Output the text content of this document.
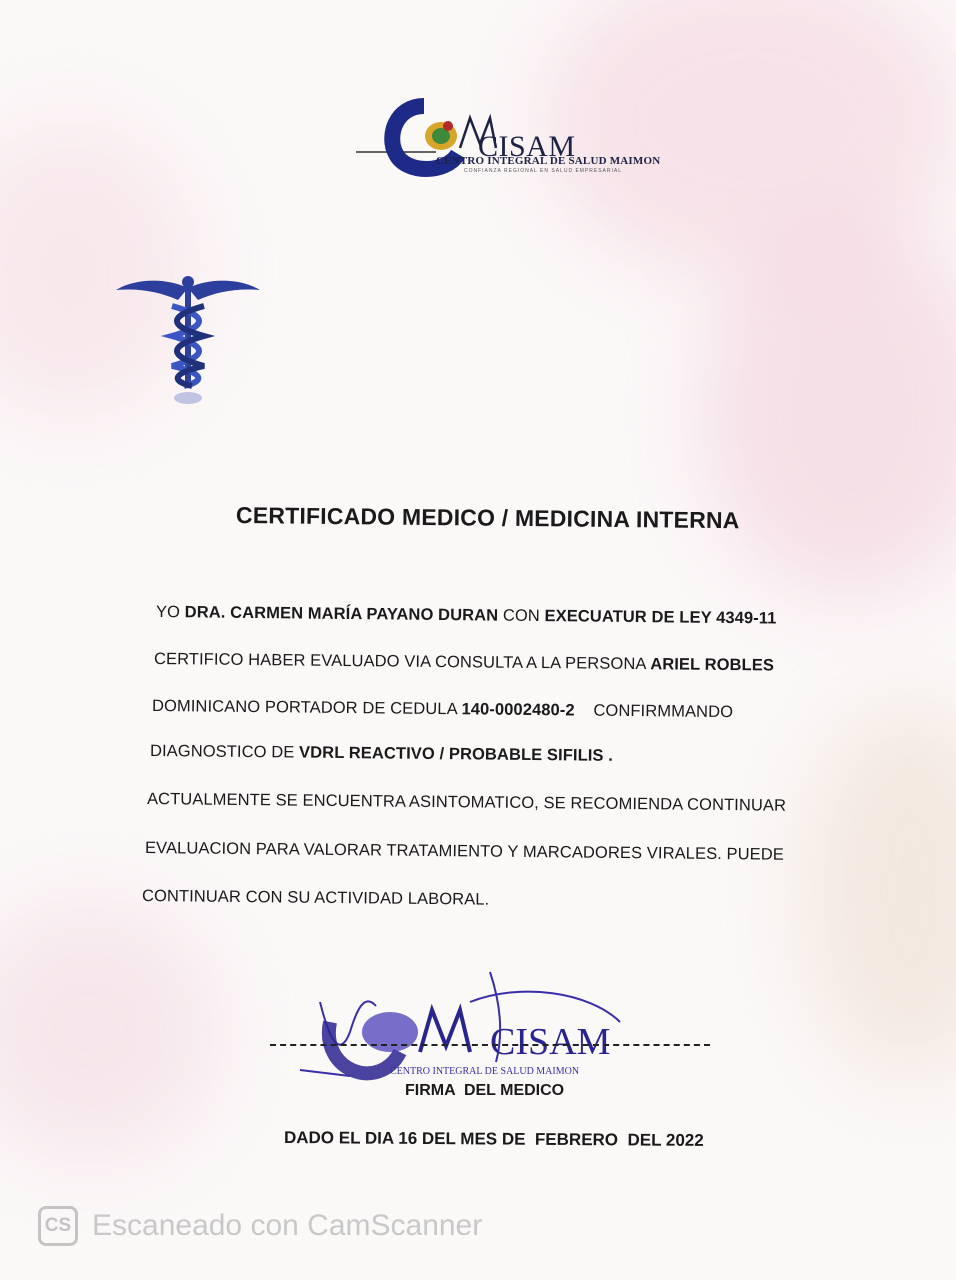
CISAM
CENTRO INTEGRAL DE SALUD MAIMON
CONFIANZA REGIONAL EN SALUD EMPRESARIAL
CERTIFICADO MEDICO / MEDICINA INTERNA
YO DRA. CARMEN MARÍA PAYANO DURAN CON EXECUATUR DE LEY 4349-11
CERTIFICO HABER EVALUADO VIA CONSULTA A LA PERSONA ARIEL ROBLES
DOMINICANO PORTADOR DE CEDULA 140-0002480-2    CONFIRMMANDO
DIAGNOSTICO DE VDRL REACTIVO / PROBABLE SIFILIS .
ACTUALMENTE SE ENCUENTRA ASINTOMATICO, SE RECOMIENDA CONTINUAR
EVALUACION PARA VALORAR TRATAMIENTO Y MARCADORES VIRALES. PUEDE
CONTINUAR CON SU ACTIVIDAD LABORAL.
CISAM
CENTRO INTEGRAL DE SALUD MAIMON
FIRMA  DEL MEDICO
DADO EL DIA 16 DEL MES DE  FEBRERO  DEL 2022
CS Escaneado con CamScanner
